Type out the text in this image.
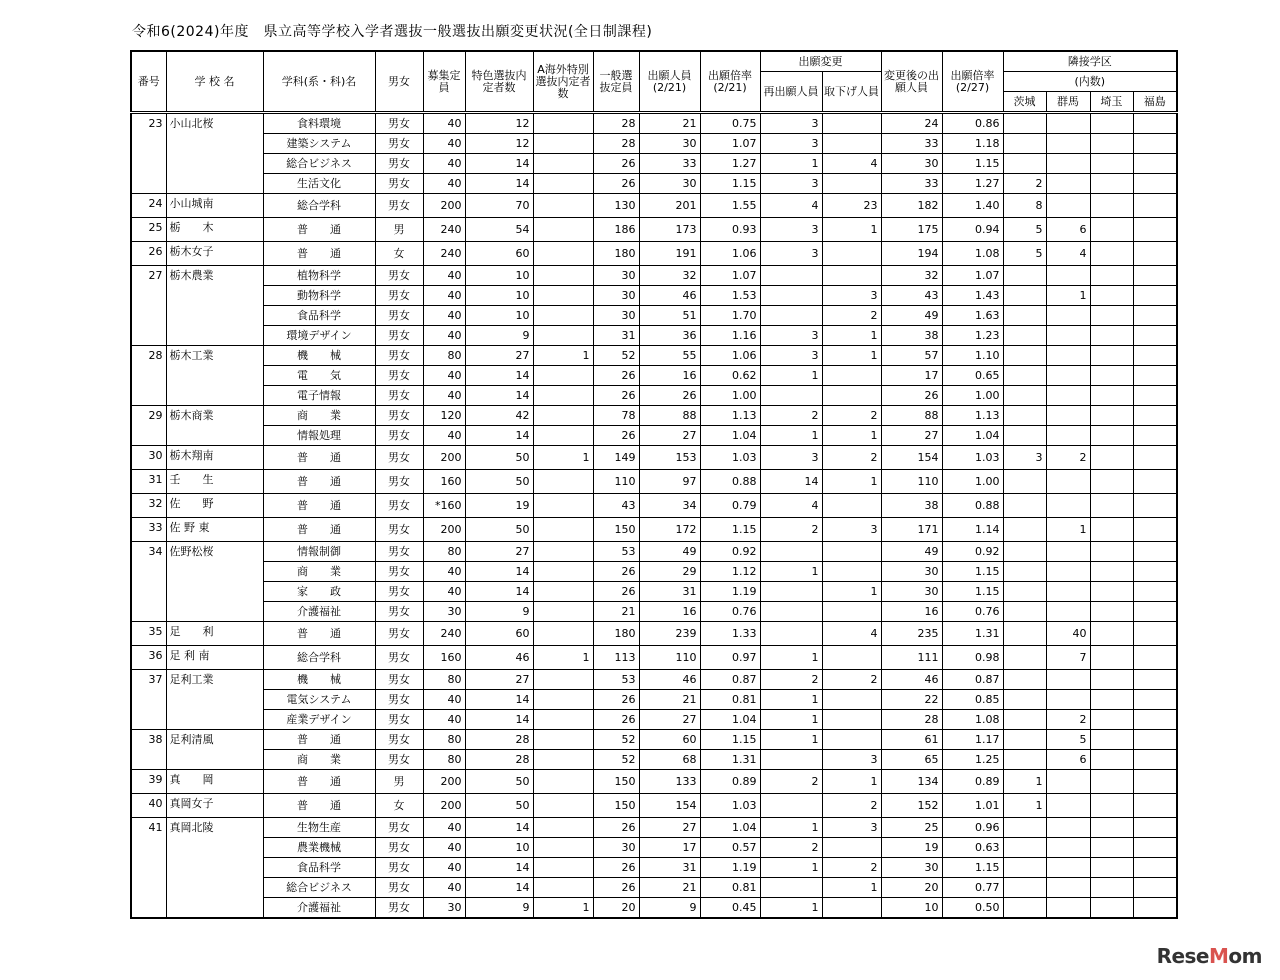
令和6(2024)年度　県立高等学校入学者選抜一般選抜出願変更状況(全日制課程)
番号	学 校 名	学科(系・科)名	男女	募集定員	特色選抜内定者数	A海外特別選抜内定者数	一般選抜定員	出願人員(2/21)	出願倍率(2/21)	出願変更		変更後の出願人員	出願倍率(2/27)	隣接学区			
										再出願人員	取下げ人員			(内数)			
														茨城	群馬	埼玉	福島
23	小山北桜	食料環境	男女	40	12		28	21	0.75	3		24	0.86				
		建築システム	男女	40	12		28	30	1.07	3		33	1.18				
		総合ビジネス	男女	40	14		26	33	1.27	1	4	30	1.15				
		生活文化	男女	40	14		26	30	1.15	3		33	1.27	2			
24	小山城南	総合学科	男女	200	70		130	201	1.55	4	23	182	1.40	8			
25	栃　　木	普　　通	男	240	54		186	173	0.93	3	1	175	0.94	5	6		
26	栃木女子	普　　通	女	240	60		180	191	1.06	3		194	1.08	5	4		
27	栃木農業	植物科学	男女	40	10		30	32	1.07			32	1.07				
		動物科学	男女	40	10		30	46	1.53		3	43	1.43		1		
		食品科学	男女	40	10		30	51	1.70		2	49	1.63				
		環境デザイン	男女	40	9		31	36	1.16	3	1	38	1.23				
28	栃木工業	機　　械	男女	80	27	1	52	55	1.06	3	1	57	1.10				
		電　　気	男女	40	14		26	16	0.62	1		17	0.65				
		電子情報	男女	40	14		26	26	1.00			26	1.00				
29	栃木商業	商　　業	男女	120	42		78	88	1.13	2	2	88	1.13				
		情報処理	男女	40	14		26	27	1.04	1	1	27	1.04				
30	栃木翔南	普　　通	男女	200	50	1	149	153	1.03	3	2	154	1.03	3	2		
31	壬　　生	普　　通	男女	160	50		110	97	0.88	14	1	110	1.00				
32	佐　　野	普　　通	男女	*160	19		43	34	0.79	4		38	0.88				
33	佐 野 東	普　　通	男女	200	50		150	172	1.15	2	3	171	1.14		1		
34	佐野松桜	情報制御	男女	80	27		53	49	0.92			49	0.92				
		商　　業	男女	40	14		26	29	1.12	1		30	1.15				
		家　　政	男女	40	14		26	31	1.19		1	30	1.15				
		介護福祉	男女	30	9		21	16	0.76			16	0.76				
35	足　　利	普　　通	男女	240	60		180	239	1.33		4	235	1.31		40		
36	足 利 南	総合学科	男女	160	46	1	113	110	0.97	1		111	0.98		7		
37	足利工業	機　　械	男女	80	27		53	46	0.87	2	2	46	0.87				
		電気システム	男女	40	14		26	21	0.81	1		22	0.85				
		産業デザイン	男女	40	14		26	27	1.04	1		28	1.08		2		
38	足利清風	普　　通	男女	80	28		52	60	1.15	1		61	1.17		5		
		商　　業	男女	80	28		52	68	1.31		3	65	1.25		6		
39	真　　岡	普　　通	男	200	50		150	133	0.89	2	1	134	0.89	1			
40	真岡女子	普　　通	女	200	50		150	154	1.03		2	152	1.01	1			
41	真岡北陵	生物生産	男女	40	14		26	27	1.04	1	3	25	0.96				
		農業機械	男女	40	10		30	17	0.57	2		19	0.63				
		食品科学	男女	40	14		26	31	1.19	1	2	30	1.15				
		総合ビジネス	男女	40	14		26	21	0.81		1	20	0.77				
		介護福祉	男女	30	9	1	20	9	0.45	1		10	0.50				
ReseMom
